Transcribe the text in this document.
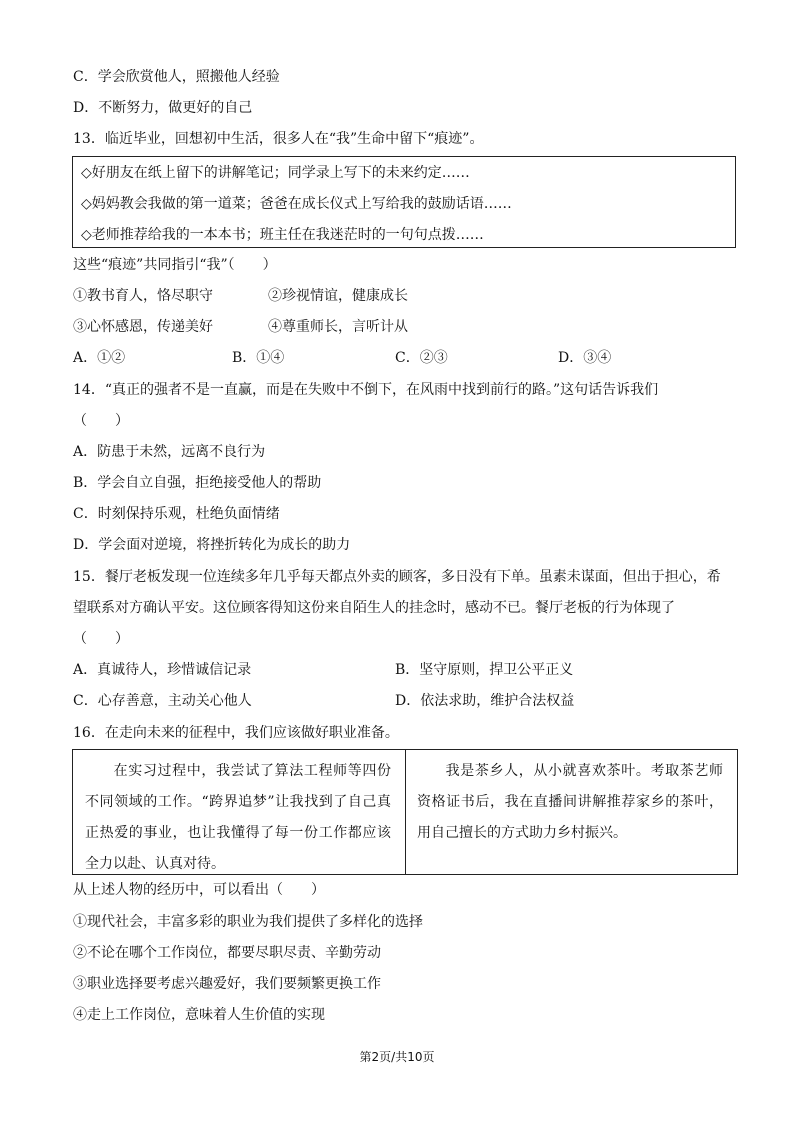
C．学会欣赏他人，照搬他人经验
D．不断努力，做更好的自己
13．临近毕业，回想初中生活，很多人在“我”生命中留下“痕迹”。
◇好朋友在纸上留下的讲解笔记；同学录上写下的未来约定……
◇妈妈教会我做的第一道菜；爸爸在成长仪式上写给我的鼓励话语……
◇老师推荐给我的一本本书；班主任在我迷茫时的一句句点拨……
这些“痕迹”共同指引“我”（　　）
①教书育人，恪尽职守	②珍视情谊，健康成长
③心怀感恩，传递美好	④尊重师长，言听计从
A．①②	B．①④	C．②③	D．③④
14．“真正的强者不是一直赢，而是在失败中不倒下，在风雨中找到前行的路。”这句话告诉我们
（　　）
A．防患于未然，远离不良行为
B．学会自立自强，拒绝接受他人的帮助
C．时刻保持乐观，杜绝负面情绪
D．学会面对逆境，将挫折转化为成长的助力
15．餐厅老板发现一位连续多年几乎每天都点外卖的顾客，多日没有下单。虽素未谋面，但出于担心，希
望联系对方确认平安。这位顾客得知这份来自陌生人的挂念时，感动不已。餐厅老板的行为体现了
（　　）
A．真诚待人，珍惜诚信记录	B．坚守原则，捍卫公平正义
C．心存善意，主动关心他人	D．依法求助，维护合法权益
16．在走向未来的征程中，我们应该做好职业准备。
在实习过程中，我尝试了算法工程师等四份不同领域的工作。“跨界追梦”让我找到了自己真正热爱的事业，也让我懂得了每一份工作都应该全力以赴、认真对待。
我是茶乡人，从小就喜欢茶叶。考取茶艺师资格证书后，我在直播间讲解推荐家乡的茶叶，用自己擅长的方式助力乡村振兴。
从上述人物的经历中，可以看出（　　）
①现代社会，丰富多彩的职业为我们提供了多样化的选择
②不论在哪个工作岗位，都要尽职尽责、辛勤劳动
③职业选择要考虑兴趣爱好，我们要频繁更换工作
④走上工作岗位，意味着人生价值的实现
第2页/共10页
